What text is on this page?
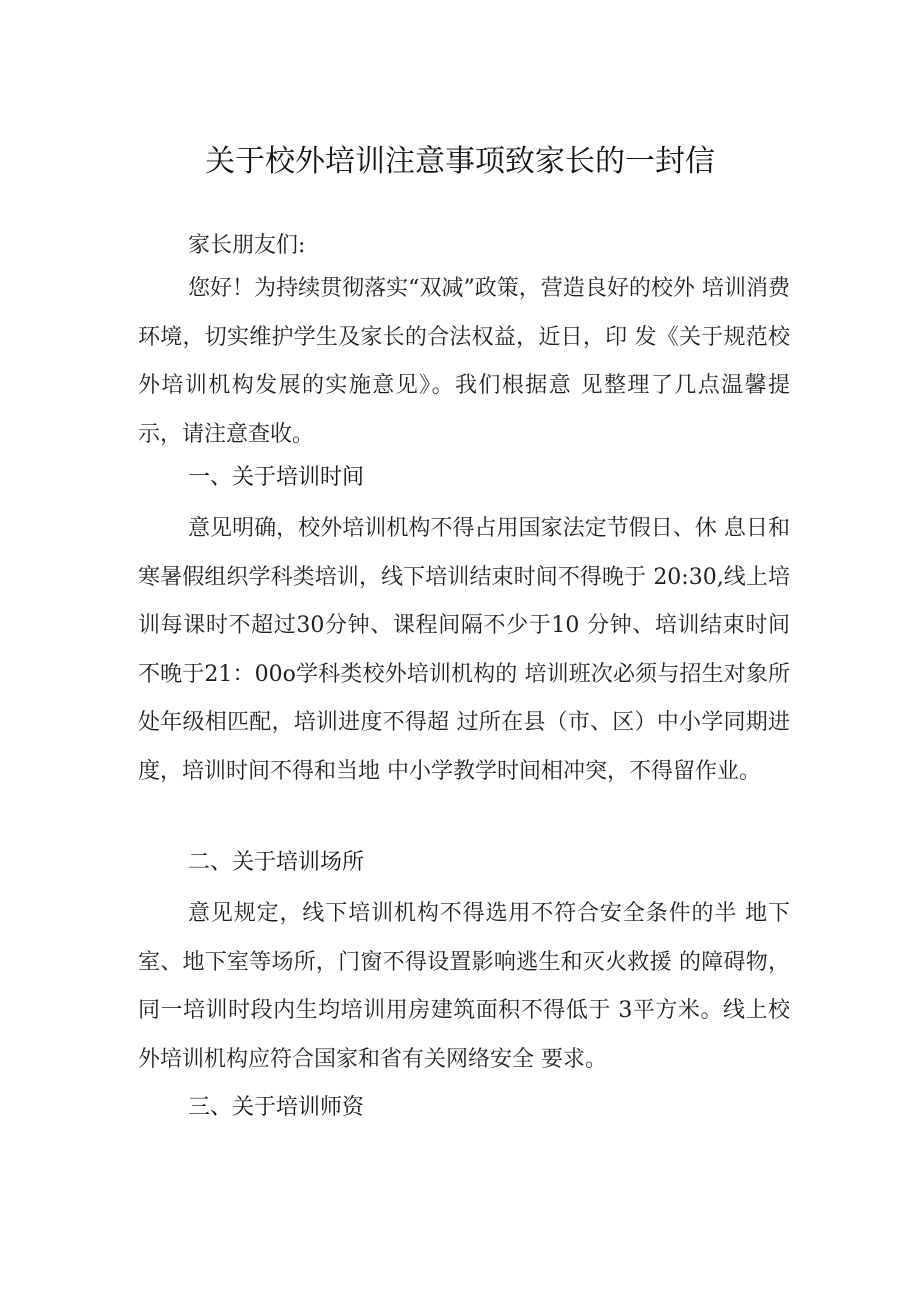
关于校外培训注意事项致家长的一封信

家长朋友们:

您好！为持续贯彻落实“双减”政策，营造良好的校外 培训消费环境，切实维护学生及家长的合法权益，近日，印 发《关于规范校外培训机构发展的实施意见》。我们根据意 见整理了几点温馨提示，请注意查收。

一、关于培训时间

意见明确，校外培训机构不得占用国家法定节假日、休 息日和寒暑假组织学科类培训，线下培训结束时间不得晚于 20:30,线上培训每课时不超过30分钟、课程间隔不少于10 分钟、培训结束时间不晚于21：00o学科类校外培训机构的 培训班次必须与招生对象所处年级相匹配，培训进度不得超 过所在县（市、区）中小学同期进度，培训时间不得和当地 中小学教学时间相冲突，不得留作业。

二、关于培训场所

意见规定，线下培训机构不得选用不符合安全条件的半 地下室、地下室等场所，门窗不得设置影响逃生和灭火救援 的障碍物，同一培训时段内生均培训用房建筑面积不得低于 3平方米。线上校外培训机构应符合国家和省有关网络安全 要求。

三、关于培训师资
